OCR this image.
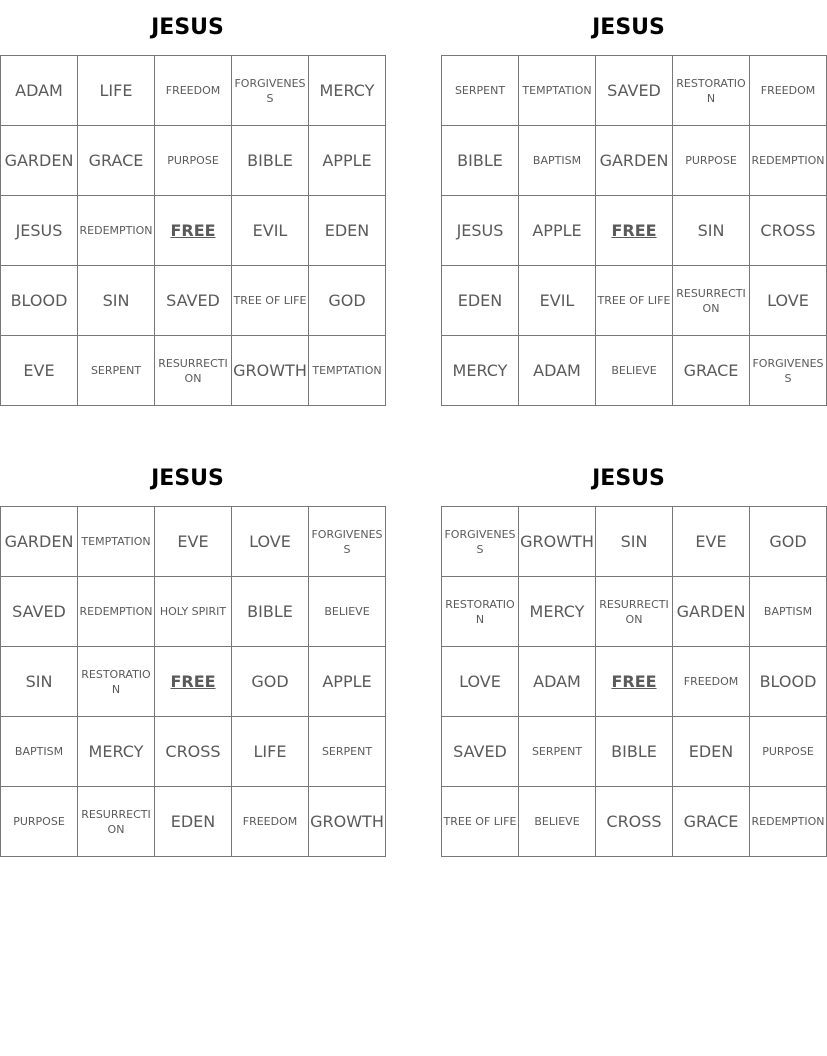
JESUS
ADAM	LIFE	FREEDOM	FORGIVENESS	MERCY
GARDEN	GRACE	PURPOSE	BIBLE	APPLE
JESUS	REDEMPTION	FREE	EVIL	EDEN
BLOOD	SIN	SAVED	TREE OF LIFE	GOD
EVE	SERPENT	RESURRECTION	GROWTH	TEMPTATION
JESUS
SERPENT	TEMPTATION	SAVED	RESTORATION	FREEDOM
BIBLE	BAPTISM	GARDEN	PURPOSE	REDEMPTION
JESUS	APPLE	FREE	SIN	CROSS
EDEN	EVIL	TREE OF LIFE	RESURRECTION	LOVE
MERCY	ADAM	BELIEVE	GRACE	FORGIVENESS
JESUS
GARDEN	TEMPTATION	EVE	LOVE	FORGIVENESS
SAVED	REDEMPTION	HOLY SPIRIT	BIBLE	BELIEVE
SIN	RESTORATION	FREE	GOD	APPLE
BAPTISM	MERCY	CROSS	LIFE	SERPENT
PURPOSE	RESURRECTION	EDEN	FREEDOM	GROWTH
JESUS
FORGIVENESS	GROWTH	SIN	EVE	GOD
RESTORATION	MERCY	RESURRECTION	GARDEN	BAPTISM
LOVE	ADAM	FREE	FREEDOM	BLOOD
SAVED	SERPENT	BIBLE	EDEN	PURPOSE
TREE OF LIFE	BELIEVE	CROSS	GRACE	REDEMPTION
